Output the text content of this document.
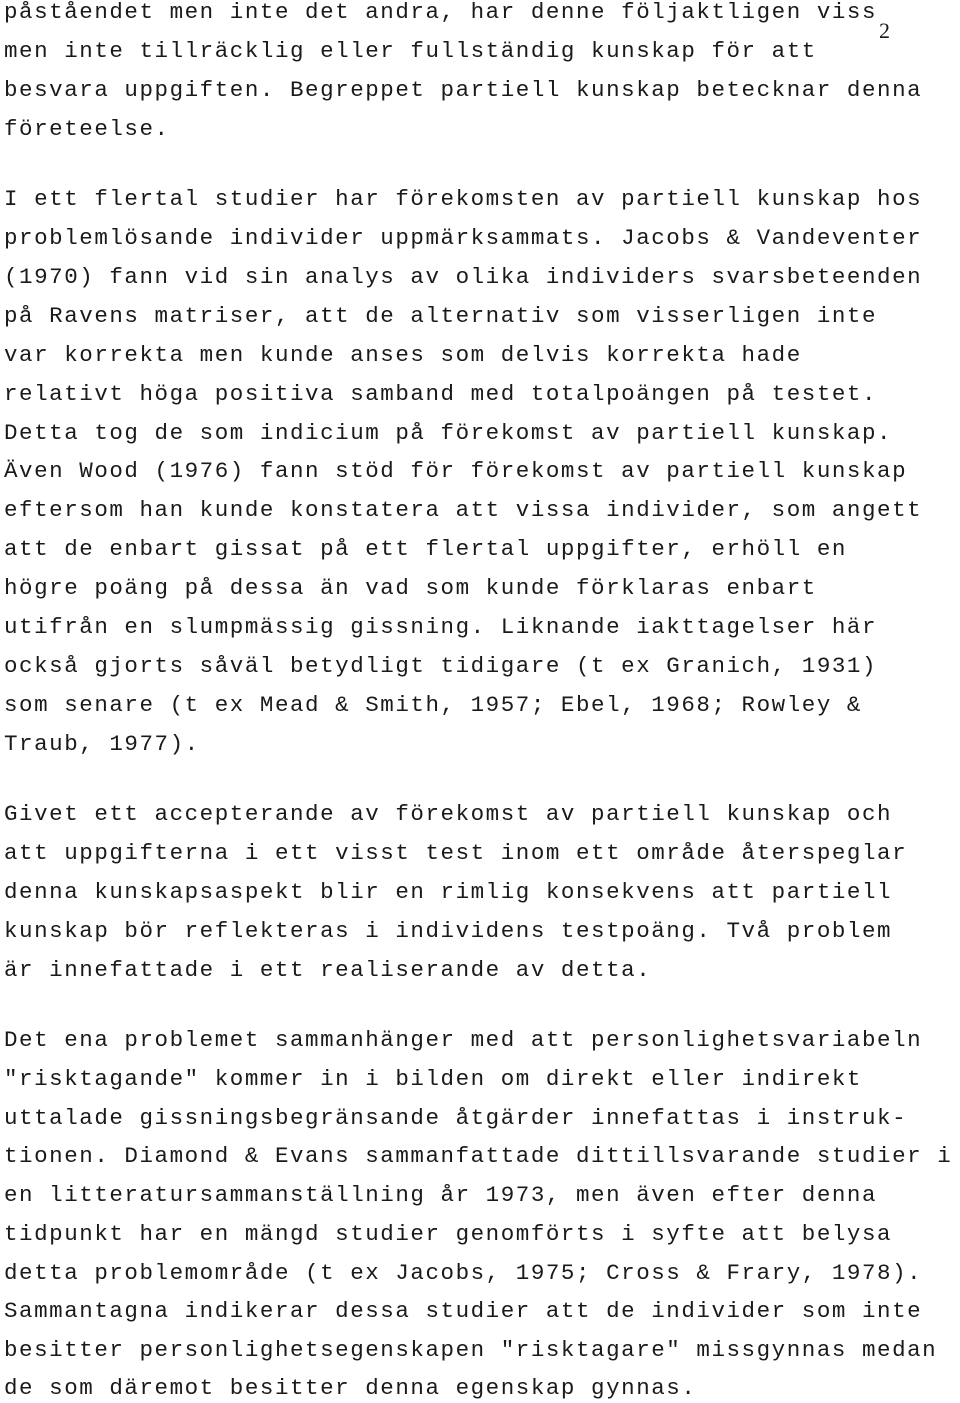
2
påståendet men inte det andra, har denne följaktligen viss
men inte tillräcklig eller fullständig kunskap för att
besvara uppgiften. Begreppet partiell kunskap betecknar denna
företeelse.
I ett flertal studier har förekomsten av partiell kunskap hos
problemlösande individer uppmärksammats. Jacobs & Vandeventer
(1970) fann vid sin analys av olika individers svarsbeteenden
på Ravens matriser, att de alternativ som visserligen inte
var korrekta men kunde anses som delvis korrekta hade
relativt höga positiva samband med totalpoängen på testet.
Detta tog de som indicium på förekomst av partiell kunskap.
Även Wood (1976) fann stöd för förekomst av partiell kunskap
eftersom han kunde konstatera att vissa individer, som angett
att de enbart gissat på ett flertal uppgifter, erhöll en
högre poäng på dessa än vad som kunde förklaras enbart
utifrån en slumpmässig gissning. Liknande iakttagelser här
också gjorts såväl betydligt tidigare (t ex Granich, 1931)
som senare (t ex Mead & Smith, 1957; Ebel, 1968; Rowley &
Traub, 1977).
Givet ett accepterande av förekomst av partiell kunskap och
att uppgifterna i ett visst test inom ett område återspeglar
denna kunskapsaspekt blir en rimlig konsekvens att partiell
kunskap bör reflekteras i individens testpoäng. Två problem
är innefattade i ett realiserande av detta.
Det ena problemet sammanhänger med att personlighetsvariabeln
"risktagande" kommer in i bilden om direkt eller indirekt
uttalade gissningsbegränsande åtgärder innefattas i instruk-
tionen. Diamond & Evans sammanfattade dittillsvarande studier i
en litteratursammanställning år 1973, men även efter denna
tidpunkt har en mängd studier genomförts i syfte att belysa
detta problemområde (t ex Jacobs, 1975; Cross & Frary, 1978).
Sammantagna indikerar dessa studier att de individer som inte
besitter personlighetsegenskapen "risktagare" missgynnas medan
de som däremot besitter denna egenskap gynnas.
